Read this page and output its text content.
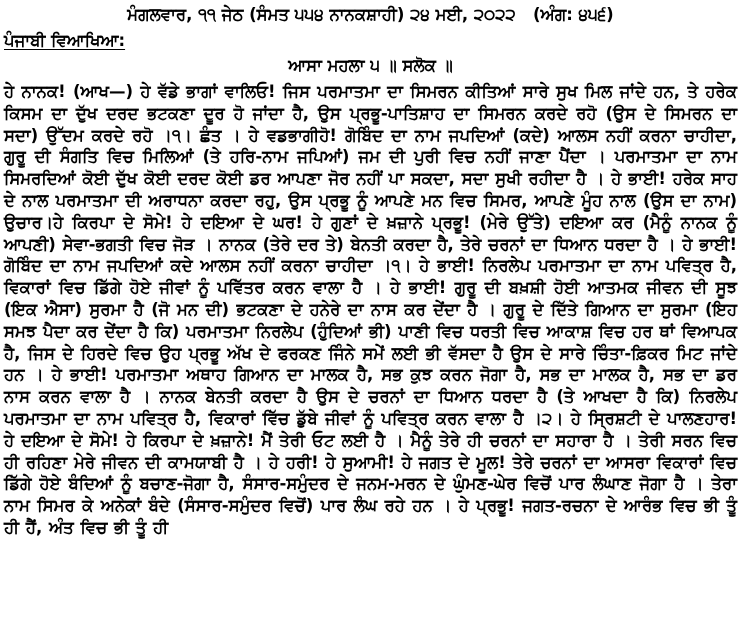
ਮੰਗਲਵਾਰ, ੧੧ ਜੇਠ (ਸੰਮਤ ੫੫੪ ਨਾਨਕਸ਼ਾਹੀ) ੨੪ ਮਈ, ੨੦੨੨   (ਅੰਗ: ੪੫੬)
ਪੰਜਾਬੀ ਵਿਆਖਿਆ:
ਆਸਾ ਮਹਲਾ ੫ ॥ ਸਲੋਕ ॥
ਹੇ ਨਾਨਕ! (ਆਖ—) ਹੇ ਵੱਡੇ ਭਾਗਾਂ ਵਾਲਿਓ! ਜਿਸ ਪਰਮਾਤਮਾ ਦਾ ਸਿਮਰਨ ਕੀਤਿਆਂ ਸਾਰੇ ਸੁਖ ਮਿਲ ਜਾਂਦੇ ਹਨ, ਤੇ ਹਰੇਕ ਕਿਸਮ ਦਾ ਦੁੱਖ ਦਰਦ ਭਟਕਣਾ ਦੂਰ ਹੋ ਜਾਂਦਾ ਹੈ, ਉਸ ਪ੍ਰਭੂ-ਪਾਤਿਸ਼ਾਹ ਦਾ ਸਿਮਰਨ ਕਰਦੇ ਰਹੋ (ਉਸ ਦੇ ਸਿਮਰਨ ਦਾ ਸਦਾ) ਉੱਦਮ ਕਰਦੇ ਰਹੋ ।੧। ਛੰਤ । ਹੇ ਵਡਭਾਗੀਹੋ! ਗੋਬਿੰਦ ਦਾ ਨਾਮ ਜਪਦਿਆਂ (ਕਦੇ) ਆਲਸ ਨਹੀਂ ਕਰਨਾ ਚਾਹੀਦਾ, ਗੁਰੂ ਦੀ ਸੰਗਤਿ ਵਿਚ ਮਿਲਿਆਂ (ਤੇ ਹਰਿ-ਨਾਮ ਜਪਿਆਂ) ਜਮ ਦੀ ਪੁਰੀ ਵਿਚ ਨਹੀਂ ਜਾਣਾ ਪੈਂਦਾ । ਪਰਮਾਤਮਾ ਦਾ ਨਾਮ ਸਿਮਰਦਿਆਂ ਕੋਈ ਦੁੱਖ ਕੋਈ ਦਰਦ ਕੋਈ ਡਰ ਆਪਣਾ ਜੋਰ ਨਹੀਂ ਪਾ ਸਕਦਾ, ਸਦਾ ਸੁਖੀ ਰਹੀਦਾ ਹੈ । ਹੇ ਭਾਈ! ਹਰੇਕ ਸਾਹ ਦੇ ਨਾਲ ਪਰਮਾਤਮਾ ਦੀ ਅਰਾਧਨਾ ਕਰਦਾ ਰਹੁ, ਉਸ ਪ੍ਰਭੂ ਨੂੰ ਆਪਣੇ ਮਨ ਵਿਚ ਸਿਮਰ, ਆਪਣੇ ਮੂੰਹ ਨਾਲ (ਉਸ ਦਾ ਨਾਮ) ਉਚਾਰ।ਹੇ ਕਿਰਪਾ ਦੇ ਸੋਮੇ! ਹੇ ਦਇਆ ਦੇ ਘਰ! ਹੇ ਗੁਣਾਂ ਦੇ ਖ਼ਜ਼ਾਨੇ ਪ੍ਰਭੂ! (ਮੇਰੇ ਉੱਤੇ) ਦਇਆ ਕਰ (ਮੈਨੂੰ ਨਾਨਕ ਨੂੰ ਆਪਣੀ) ਸੇਵਾ-ਭਗਤੀ ਵਿਚ ਜੋੜ । ਨਾਨਕ (ਤੇਰੇ ਦਰ ਤੇ) ਬੇਨਤੀ ਕਰਦਾ ਹੈ, ਤੇਰੇ ਚਰਨਾਂ ਦਾ ਧਿਆਨ ਧਰਦਾ ਹੈ । ਹੇ ਭਾਈ! ਗੋਬਿੰਦ ਦਾ ਨਾਮ ਜਪਦਿਆਂ ਕਦੇ ਆਲਸ ਨਹੀਂ ਕਰਨਾ ਚਾਹੀਦਾ ।੧। ਹੇ ਭਾਈ! ਨਿਰਲੇਪ ਪਰਮਾਤਮਾ ਦਾ ਨਾਮ ਪਵਿਤ੍ਰ ਹੈ, ਵਿਕਾਰਾਂ ਵਿਚ ਡਿੱਗੇ ਹੋਏ ਜੀਵਾਂ ਨੂੰ ਪਵਿੱਤਰ ਕਰਨ ਵਾਲਾ ਹੈ । ਹੇ ਭਾਈ! ਗੁਰੂ ਦੀ ਬਖ਼ਸ਼ੀ ਹੋਈ ਆਤਮਕ ਜੀਵਨ ਦੀ ਸੂਝ (ਇਕ ਐਸਾ) ਸੁਰਮਾ ਹੈ (ਜੋ ਮਨ ਦੀ) ਭਟਕਣਾ ਦੇ ਹਨੇਰੇ ਦਾ ਨਾਸ ਕਰ ਦੇਂਦਾ ਹੈ । ਗੁਰੂ ਦੇ ਦਿੱਤੇ ਗਿਆਨ ਦਾ ਸੁਰਮਾ (ਇਹ ਸਮਝ ਪੈਦਾ ਕਰ ਦੇਂਦਾ ਹੈ ਕਿ) ਪਰਮਾਤਮਾ ਨਿਰਲੇਪ (ਹੁੰਦਿਆਂ ਭੀ) ਪਾਣੀ ਵਿਚ ਧਰਤੀ ਵਿਚ ਆਕਾਸ਼ ਵਿਚ ਹਰ ਥਾਂ ਵਿਆਪਕ ਹੈ, ਜਿਸ ਦੇ ਹਿਰਦੇ ਵਿਚ ਉਹ ਪ੍ਰਭੂ ਅੱਖ ਦੇ ਫਰਕਣ ਜਿੰਨੇ ਸਮੇਂ ਲਈ ਭੀ ਵੱਸਦਾ ਹੈ ਉਸ ਦੇ ਸਾਰੇ ਚਿੰਤਾ-ਫ਼ਿਕਰ ਮਿਟ ਜਾਂਦੇ ਹਨ । ਹੇ ਭਾਈ! ਪਰਮਾਤਮਾ ਅਥਾਹ ਗਿਆਨ ਦਾ ਮਾਲਕ ਹੈ, ਸਭ ਕੁਝ ਕਰਨ ਜੋਗਾ ਹੈ, ਸਭ ਦਾ ਮਾਲਕ ਹੈ, ਸਭ ਦਾ ਡਰ ਨਾਸ ਕਰਨ ਵਾਲਾ ਹੈ । ਨਾਨਕ ਬੇਨਤੀ ਕਰਦਾ ਹੈ ਉਸ ਦੇ ਚਰਨਾਂ ਦਾ ਧਿਆਨ ਧਰਦਾ ਹੈ (ਤੇ ਆਖਦਾ ਹੈ ਕਿ) ਨਿਰਲੇਪ ਪਰਮਾਤਮਾ ਦਾ ਨਾਮ ਪਵਿਤ੍ਰ ਹੈ, ਵਿਕਾਰਾਂ ਵਿੱਚ ਡੁੱਬੇ ਜੀਵਾਂ ਨੂੰ ਪਵਿਤ੍ਰ ਕਰਨ ਵਾਲਾ ਹੈ ।੨। ਹੇ ਸ੍ਰਿਸ਼ਟੀ ਦੇ ਪਾਲਣਹਾਰ! ਹੇ ਦਇਆ ਦੇ ਸੋਮੇ! ਹੇ ਕਿਰਪਾ ਦੇ ਖ਼ਜ਼ਾਨੇ! ਮੈਂ ਤੇਰੀ ਓਟ ਲਈ ਹੈ । ਮੈਨੂੰ ਤੇਰੇ ਹੀ ਚਰਨਾਂ ਦਾ ਸਹਾਰਾ ਹੈ । ਤੇਰੀ ਸਰਨ ਵਿਚ ਹੀ ਰਹਿਣਾ ਮੇਰੇ ਜੀਵਨ ਦੀ ਕਾਮਯਾਬੀ ਹੈ । ਹੇ ਹਰੀ! ਹੇ ਸੁਆਮੀ! ਹੇ ਜਗਤ ਦੇ ਮੂਲ! ਤੇਰੇ ਚਰਨਾਂ ਦਾ ਆਸਰਾ ਵਿਕਾਰਾਂ ਵਿਚ ਡਿੱਗੇ ਹੋਏ ਬੰਦਿਆਂ ਨੂੰ ਬਚਾਣ-ਜੋਗਾ ਹੈ, ਸੰਸਾਰ-ਸਮੁੰਦਰ ਦੇ ਜਨਮ-ਮਰਨ ਦੇ ਘੁੰਮਣ-ਘੇਰ ਵਿਚੋਂ ਪਾਰ ਲੰਘਾਣ ਜੋਗਾ ਹੈ । ਤੇਰਾ ਨਾਮ ਸਿਮਰ ਕੇ ਅਨੇਕਾਂ ਬੰਦੇ (ਸੰਸਾਰ-ਸਮੁੰਦਰ ਵਿਚੋਂ) ਪਾਰ ਲੰਘ ਰਹੇ ਹਨ । ਹੇ ਪ੍ਰਭੂ! ਜਗਤ-ਰਚਨਾ ਦੇ ਆਰੰਭ ਵਿਚ ਭੀ ਤੂੰ ਹੀ ਹੈਂ, ਅੰਤ ਵਿਚ ਭੀ ਤੂੰ ਹੀ
